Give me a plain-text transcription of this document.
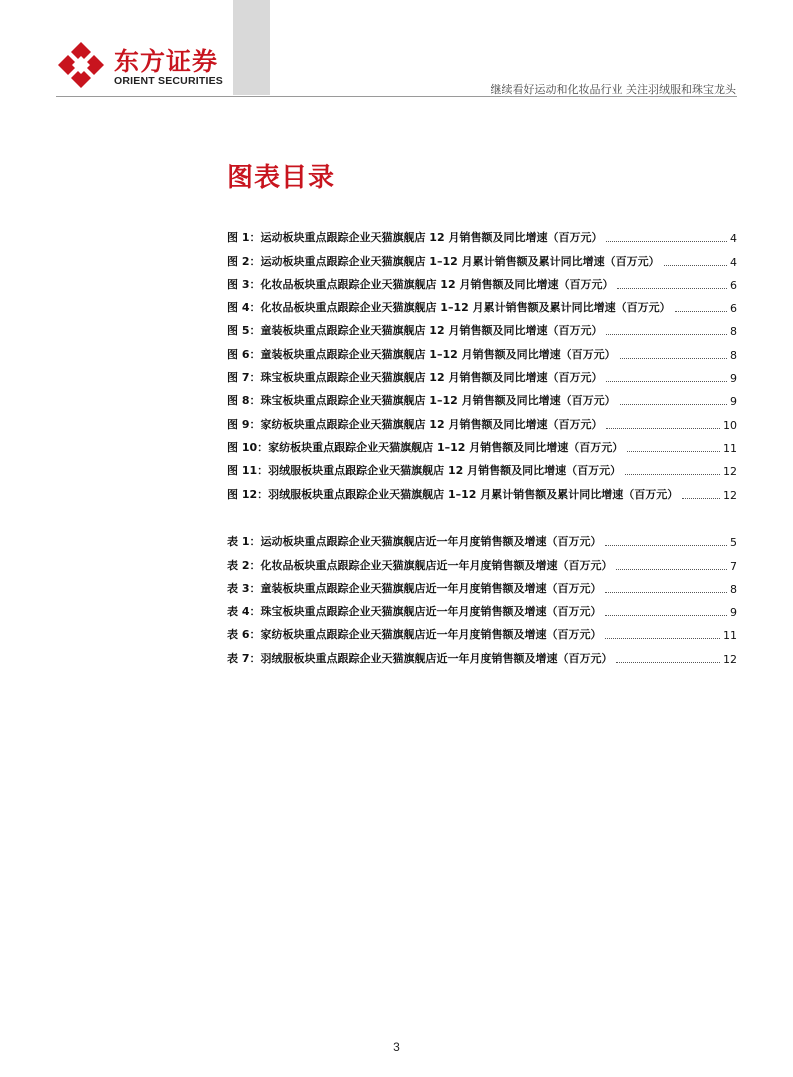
东方证券
ORIENT SECURITIES
继续看好运动和化妆品行业 关注羽绒服和珠宝龙头
图表目录
图 1：运动板块重点跟踪企业天猫旗舰店 12 月销售额及同比增速（百万元）	4
图 2：运动板块重点跟踪企业天猫旗舰店 1–12 月累计销售额及累计同比增速（百万元）	4
图 3：化妆品板块重点跟踪企业天猫旗舰店 12 月销售额及同比增速（百万元）	6
图 4：化妆品板块重点跟踪企业天猫旗舰店 1–12 月累计销售额及累计同比增速（百万元）	6
图 5：童装板块重点跟踪企业天猫旗舰店 12 月销售额及同比增速（百万元）	8
图 6：童装板块重点跟踪企业天猫旗舰店 1–12 月销售额及同比增速（百万元）	8
图 7：珠宝板块重点跟踪企业天猫旗舰店 12 月销售额及同比增速（百万元）	9
图 8：珠宝板块重点跟踪企业天猫旗舰店 1–12 月销售额及同比增速（百万元）	9
图 9：家纺板块重点跟踪企业天猫旗舰店 12 月销售额及同比增速（百万元）	10
图 10：家纺板块重点跟踪企业天猫旗舰店 1–12 月销售额及同比增速（百万元）	11
图 11：羽绒服板块重点跟踪企业天猫旗舰店 12 月销售额及同比增速（百万元）	12
图 12：羽绒服板块重点跟踪企业天猫旗舰店 1–12 月累计销售额及累计同比增速（百万元）	12
表 1：运动板块重点跟踪企业天猫旗舰店近一年月度销售额及增速（百万元）	5
表 2：化妆品板块重点跟踪企业天猫旗舰店近一年月度销售额及增速（百万元）	7
表 3：童装板块重点跟踪企业天猫旗舰店近一年月度销售额及增速（百万元）	8
表 4：珠宝板块重点跟踪企业天猫旗舰店近一年月度销售额及增速（百万元）	9
表 6：家纺板块重点跟踪企业天猫旗舰店近一年月度销售额及增速（百万元）	11
表 7：羽绒服板块重点跟踪企业天猫旗舰店近一年月度销售额及增速（百万元）	12
3
